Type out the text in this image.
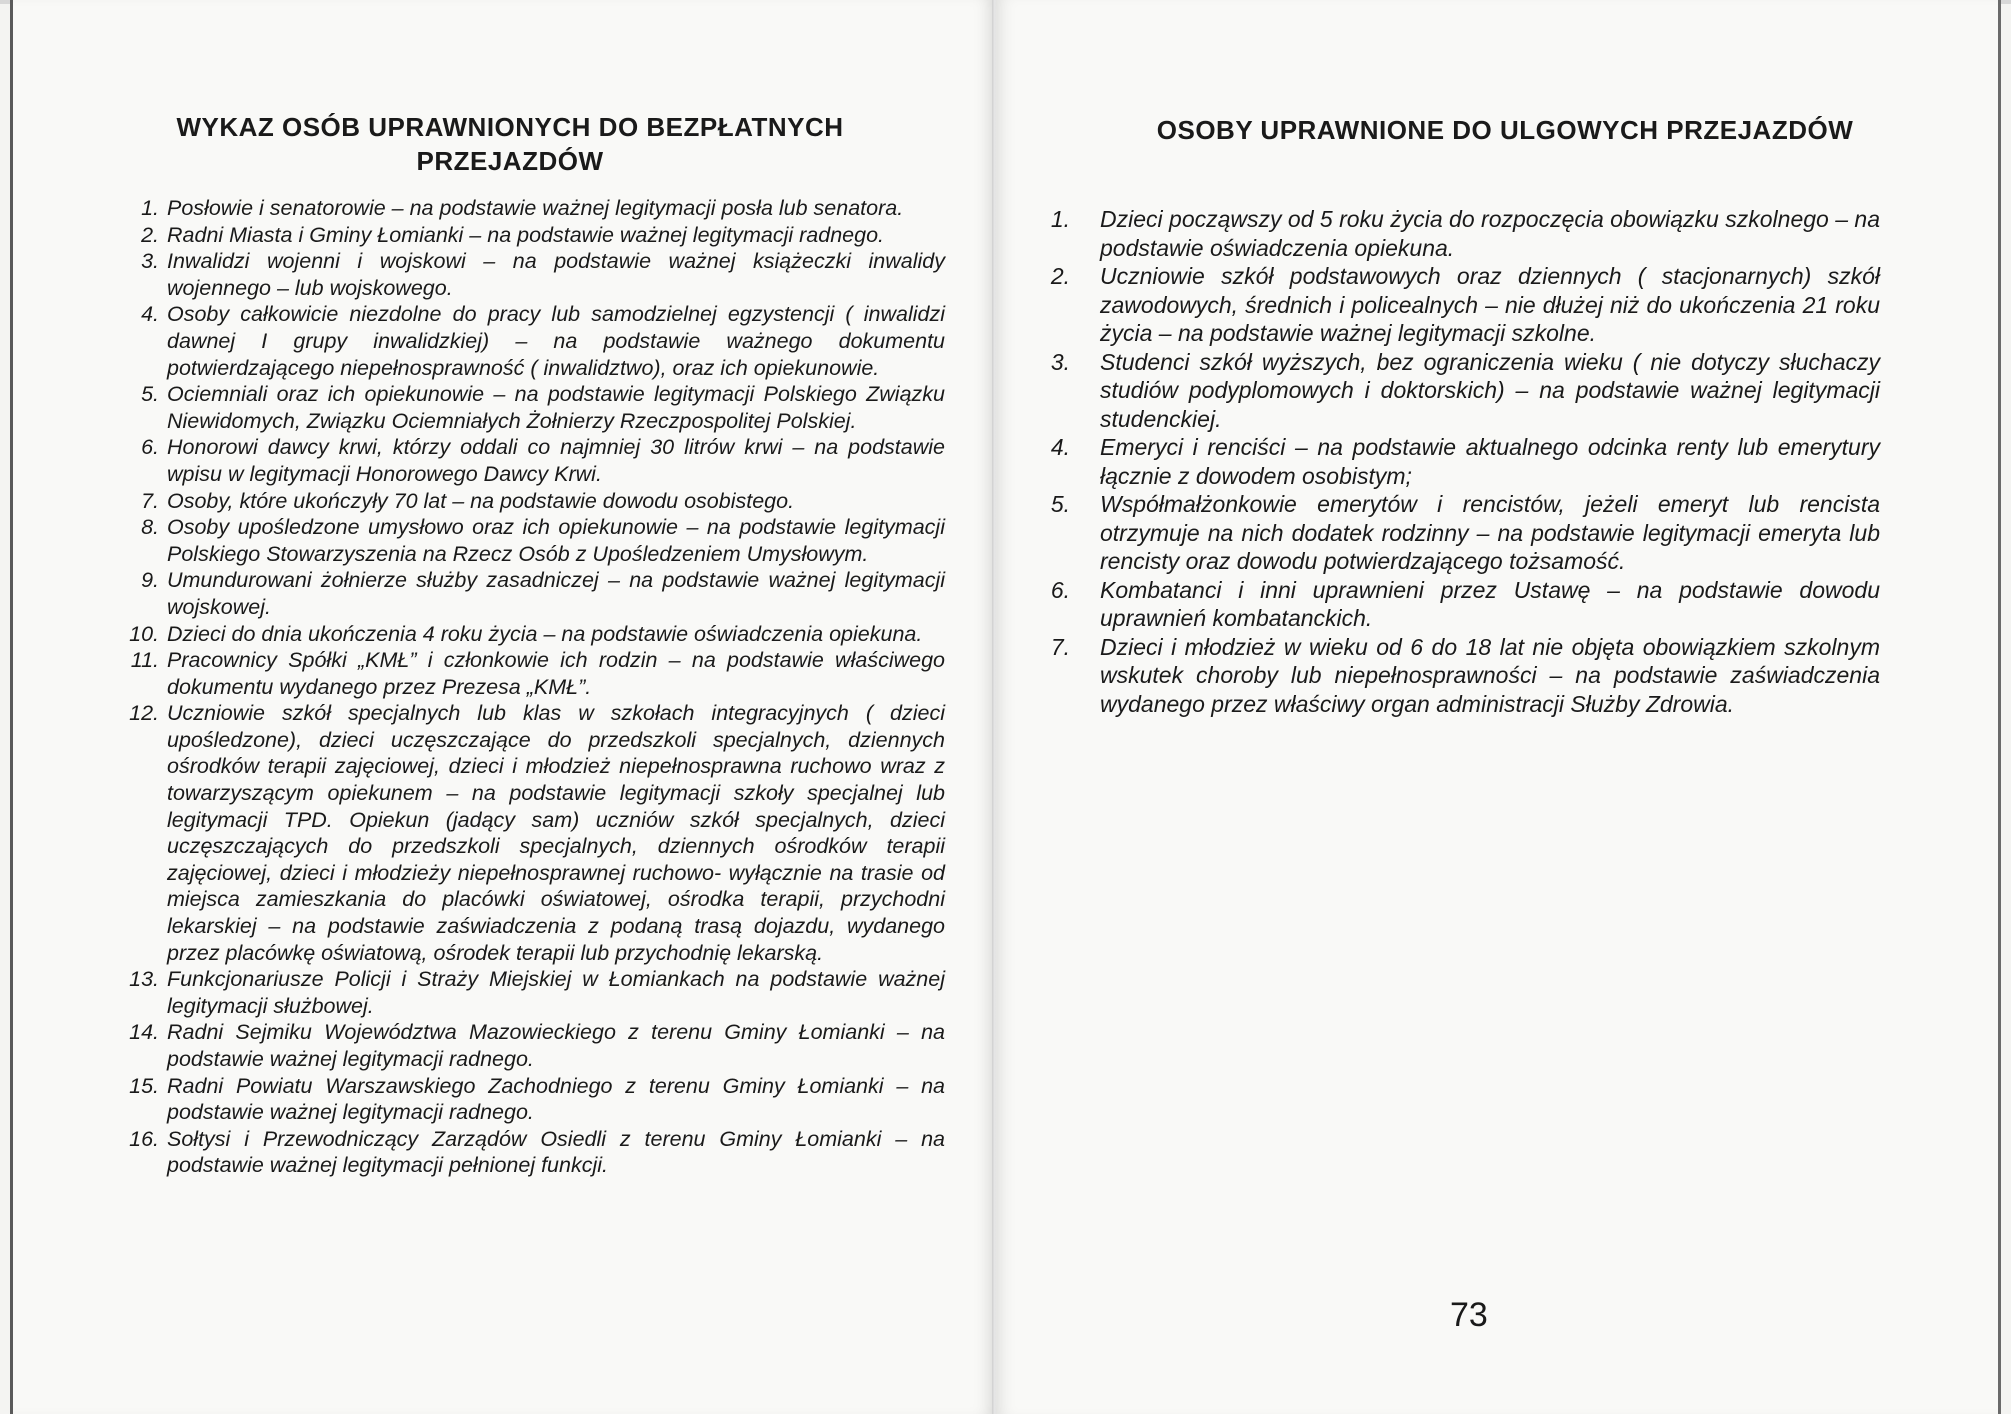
WYKAZ OSÓB UPRAWNIONYCH DO BEZPŁATNYCH PRZEJAZDÓW
1. Posłowie i senatorowie – na podstawie ważnej legitymacji posła lub senatora.
2. Radni Miasta i Gminy Łomianki – na podstawie ważnej legitymacji radnego.
3. Inwalidzi wojenni i wojskowi – na podstawie ważnej książeczki inwalidy wojennego – lub wojskowego.
4. Osoby całkowicie niezdolne do pracy lub samodzielnej egzystencji ( inwalidzi dawnej I grupy inwalidzkiej) – na podstawie ważnego dokumentu potwierdzającego niepełnosprawność ( inwalidztwo), oraz ich opiekunowie.
5. Ociemniali oraz ich opiekunowie – na podstawie legitymacji Polskiego Związku Niewidomych, Związku Ociemniałych Żołnierzy Rzeczpospolitej Polskiej.
6. Honorowi dawcy krwi, którzy oddali co najmniej 30 litrów krwi – na podstawie wpisu w legitymacji Honorowego Dawcy Krwi.
7. Osoby, które ukończyły 70 lat – na podstawie dowodu osobistego.
8. Osoby upośledzone umysłowo oraz ich opiekunowie – na podstawie legitymacji Polskiego Stowarzyszenia na Rzecz Osób z Upośledzeniem Umysłowym.
9. Umundurowani żołnierze służby zasadniczej – na podstawie ważnej legitymacji wojskowej.
10. Dzieci do dnia ukończenia 4 roku życia – na podstawie oświadczenia opiekuna.
11. Pracownicy Spółki „KMŁ” i członkowie ich rodzin – na podstawie właściwego dokumentu wydanego przez Prezesa „KMŁ”.
12. Uczniowie szkół specjalnych lub klas w szkołach integracyjnych ( dzieci upośledzone), dzieci uczęszczające do przedszkoli specjalnych, dziennych ośrodków terapii zajęciowej, dzieci i młodzież niepełnosprawna ruchowo wraz z towarzyszącym opiekunem – na podstawie legitymacji szkoły specjalnej lub legitymacji TPD. Opiekun (jadący sam) uczniów szkół specjalnych, dzieci uczęszczających do przedszkoli specjalnych, dziennych ośrodków terapii zajęciowej, dzieci i młodzieży niepełnosprawnej ruchowo- wyłącznie na trasie od miejsca zamieszkania do placówki oświatowej, ośrodka terapii, przychodni lekarskiej – na podstawie zaświadczenia z podaną trasą dojazdu, wydanego przez placówkę oświatową, ośrodek terapii lub przychodnię lekarską.
13. Funkcjonariusze Policji i Straży Miejskiej w Łomiankach na podstawie ważnej legitymacji służbowej.
14. Radni Sejmiku Województwa Mazowieckiego z terenu Gminy Łomianki – na podstawie ważnej legitymacji radnego.
15. Radni Powiatu Warszawskiego Zachodniego z terenu Gminy Łomianki – na podstawie ważnej legitymacji radnego.
16. Sołtysi i Przewodniczący Zarządów Osiedli z terenu Gminy Łomianki – na podstawie ważnej legitymacji pełnionej funkcji.
OSOBY UPRAWNIONE DO ULGOWYCH PRZEJAZDÓW
1. Dzieci począwszy od 5 roku życia do rozpoczęcia obowiązku szkolnego – na podstawie oświadczenia opiekuna.
2. Uczniowie szkół podstawowych oraz dziennych ( stacjonarnych) szkół zawodowych, średnich i policealnych – nie dłużej niż do ukończenia 21 roku życia – na podstawie ważnej legitymacji szkolne.
3. Studenci szkół wyższych, bez ograniczenia wieku ( nie dotyczy słuchaczy studiów podyplomowych i doktorskich) – na podstawie ważnej legitymacji studenckiej.
4. Emeryci i renciści – na podstawie aktualnego odcinka renty lub emerytury łącznie z dowodem osobistym;
5. Współmałżonkowie emerytów i rencistów, jeżeli emeryt lub rencista otrzymuje na nich dodatek rodzinny – na podstawie legitymacji emeryta lub rencisty oraz dowodu potwierdzającego tożsamość.
6. Kombatanci i inni uprawnieni przez Ustawę – na podstawie dowodu uprawnień kombatanckich.
7. Dzieci i młodzież w wieku od 6 do 18 lat nie objęta obowiązkiem szkolnym wskutek choroby lub niepełnosprawności – na podstawie zaświadczenia wydanego przez właściwy organ administracji Służby Zdrowia.
73
